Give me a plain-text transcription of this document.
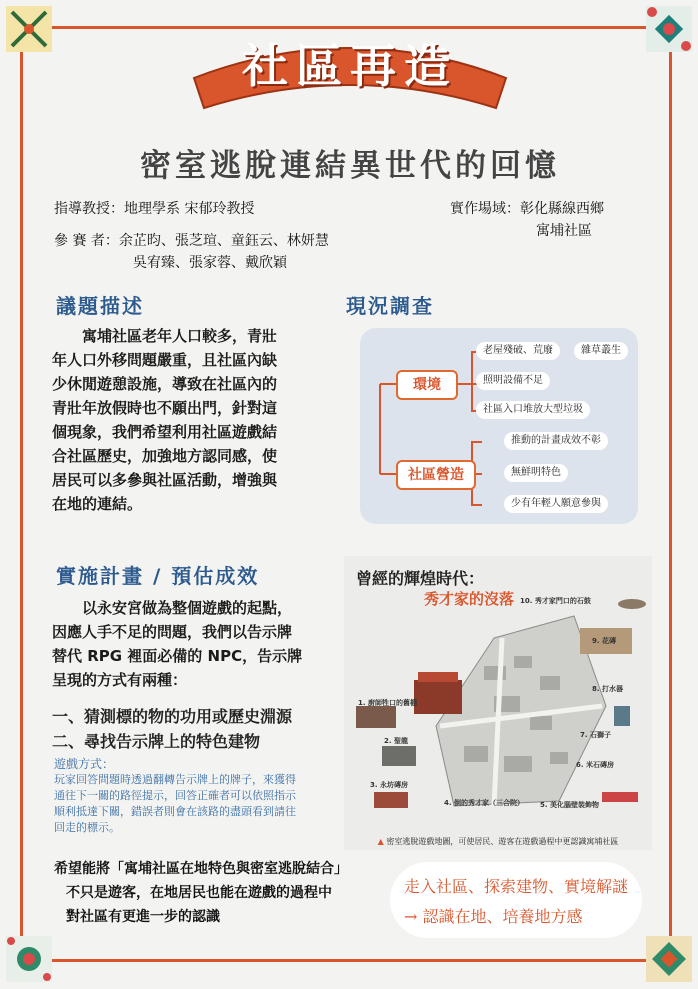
社區再造
密室逃脫連結異世代的回憶
指導教授：地理學系 宋郁玲教授
參 賽 者：余芷昀、張芝瑄、童鈺云、林妍慧
吳宥臻、張家蓉、戴欣穎
實作場域：彰化縣線西鄉
寓埔社區
議題描述
　　寓埔社區老年人口較多，青壯
年人口外移問題嚴重，且社區內缺
少休閒遊憩設施，導致在社區內的
青壯年放假時也不願出門，針對這
個現象，我們希望利用社區遊戲結
合社區歷史，加強地方認同感，使
居民可以多參與社區活動，增強與
在地的連結。
現況調查
環境
社區營造
老屋殘破、荒廢	雜草叢生
照明設備不足
社區入口堆放大型垃圾
推動的計畫成效不彰
無鮮明特色
少有年輕人願意參與
實施計畫 / 預估成效
　　以永安宮做為整個遊戲的起點，
因應人手不足的問題，我們以告示牌
替代 RPG 裡面必備的 NPC，告示牌
呈現的方式有兩種：
一、猜測標的物的功用或歷史淵源
二、尋找告示牌上的特色建物
遊戲方式：
玩家回答問題時透過翻轉告示牌上的牌子，來獲得
通往下一關的路徑提示，回答正確者可以依照指示
順利抵達下關，錯誤者則會在該路的盡頭看到請往
回走的標示。
曾經的輝煌時代：
秀才家的沒落 10. 秀才家門口的石鼓
9. 花磚
8. 打水器
7. 石獅子
6. 米石磚房
5. 美化腦壁裝飾物
4. 倒的秀才家（三合院）
3. 永坊磚房
2. 聖龍
1. 廚師牲口的舊棚
▲ 密室逃脫遊戲地圖，可使居民、遊客在遊戲過程中更認識寓埔社區
希望能將「寓埔社區在地特色與密室逃脫結合」
不只是遊客，在地居民也能在遊戲的過程中
對社區有更進一步的認識
走入社區、探索建物、實境解謎
→ 認識在地、培養地方感
